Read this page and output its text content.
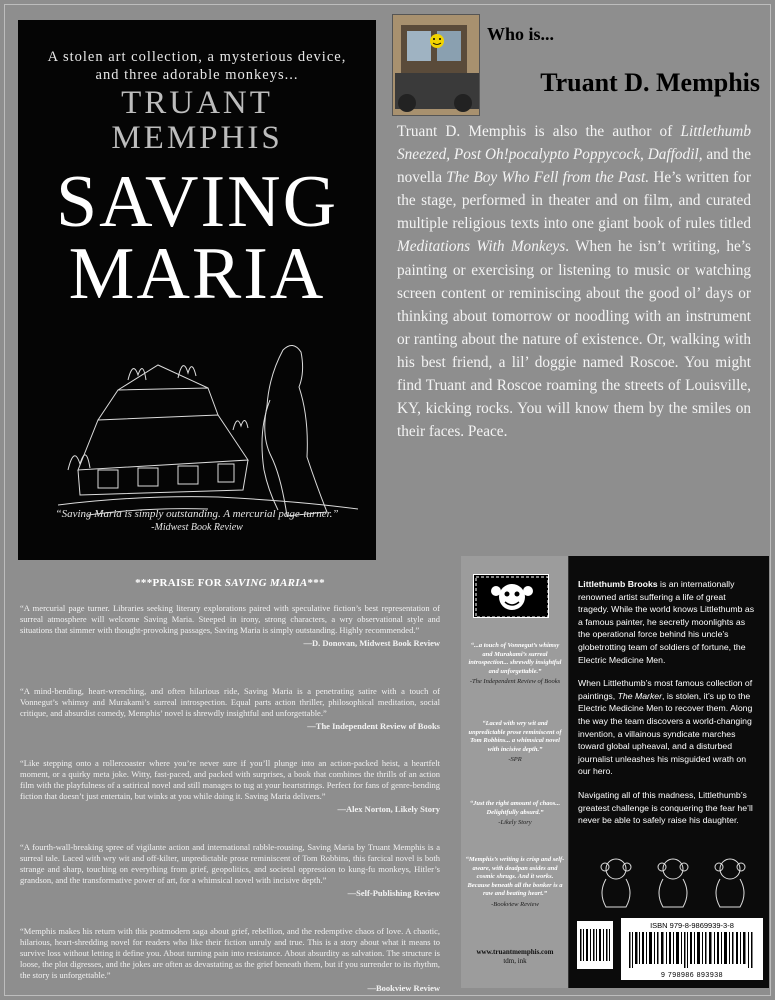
A stolen art collection, a mysterious device,
and three adorable monkeys...
TRUANT
MEMPHIS
SAVING
MARIA
“Saving Maria is simply outstanding. A mercurial page-turner.”
-Midwest Book Review
Who is...
Truant D. Memphis
Truant D. Memphis is also the author of Littlethumb Sneezed, Post Oh!pocalypto Poppycock, Daffodil, and the novella The Boy Who Fell from the Past. He’s written for the stage, performed in theater and on film, and curated multiple religious texts into one giant book of rules titled Meditations With Monkeys. When he isn’t writing, he’s painting or exercising or listening to music or watching screen content or reminiscing about the good ol’ days or thinking about tomorrow or noodling with an instrument or ranting about the nature of existence. Or, walking with his best friend, a lil’ doggie named Roscoe. You might find Truant and Roscoe roaming the streets of Louisville, KY, kicking rocks. You will know them by the smiles on their faces. Peace.
***PRAISE FOR SAVING MARIA***
“A mercurial page turner. Libraries seeking literary explorations paired with speculative fiction’s best representation of surreal atmosphere will welcome Saving Maria. Steeped in irony, strong characters, a wry observational style and situations that simmer with thought-provoking passages, Saving Maria is simply outstanding. Highly recommended.”
—D. Donovan, Midwest Book Review
“A mind-bending, heart-wrenching, and often hilarious ride, Saving Maria is a penetrating satire with a touch of Vonnegut’s whimsy and Murakami’s surreal introspection. Equal parts action thriller, philosophical meditation, social critique, and absurdist comedy, Memphis’ novel is shrewdly insightful and unforgettable.”
—The Independent Review of Books
“Like stepping onto a rollercoaster where you’re never sure if you’ll plunge into an action-packed heist, a heartfelt moment, or a quirky meta joke. Witty, fast-paced, and packed with surprises, a book that combines the thrills of an action film with the playfulness of a satirical novel and still manages to tug at your heartstrings. Perfect for fans of genre-bending fiction that doesn’t just entertain, but winks at you while doing it. Saving Maria delivers.”
—Alex Norton, Likely Story
“A fourth-wall-breaking spree of vigilante action and international rabble-rousing, Saving Maria by Truant Memphis is a surreal tale. Laced with wry wit and off-kilter, unpredictable prose reminiscent of Tom Robbins, this farcical novel is both strange and sharp, touching on everything from grief, geopolitics, and societal oppression to kung-fu monkeys, Hitler’s grandson, and the transformative power of art, for a whimsical novel with incisive depth.”
—Self-Publishing Review
“Memphis makes his return with this postmodern saga about grief, rebellion, and the redemptive chaos of love. A chaotic, hilarious, heart-shredding novel for readers who like their fiction unruly and true. This is a story about what it means to survive loss without letting it define you. About turning pain into resistance. About absurdity as salvation. The structure is loose, the plot digresses, and the jokes are often as devastating as the grief beneath them, but if you surrender to its rhythm, the story is unforgettable.”
—Bookview Review
“...a touch of Vonnegut’s whimsy and Murakami’s surreal introspection... shrewdly insightful and unforgettable.”
-The Independent Review of Books
“Laced with wry wit and unpredictable prose reminiscent of Tom Robbins... a whimsical novel with incisive depth.”
-SPR
“Just the right amount of chaos... Delightfully absurd.”
-Likely Story
“Memphis’s writing is crisp and self-aware, with deadpan asides and cosmic shrugs. And it works. Because beneath all the bonker is a raw and beating heart.”
-Bookview Review
www.truantmemphis.com
tdm, ink

Littlethumb Brooks is an internationally renowned artist suffering a life of great tragedy. While the world knows Littlethumb as a famous painter, he secretly moonlights as the operational force behind his uncle’s globetrotting team of soldiers of fortune, the Electric Medicine Men.

When Littlethumb’s most famous collection of paintings, The Marker, is stolen, it’s up to the Electric Medicine Men to recover them. Along the way the team discovers a world-changing invention, a villainous syndicate marches toward global upheaval, and a disturbed journalist unleashes his misguided wrath on our hero.

Navigating all of this madness, Littlethumb’s greatest challenge is conquering the fear he’ll never be able to safely raise his daughter.

ISBN 979-8-9869939-3-8
9 798986 893938
